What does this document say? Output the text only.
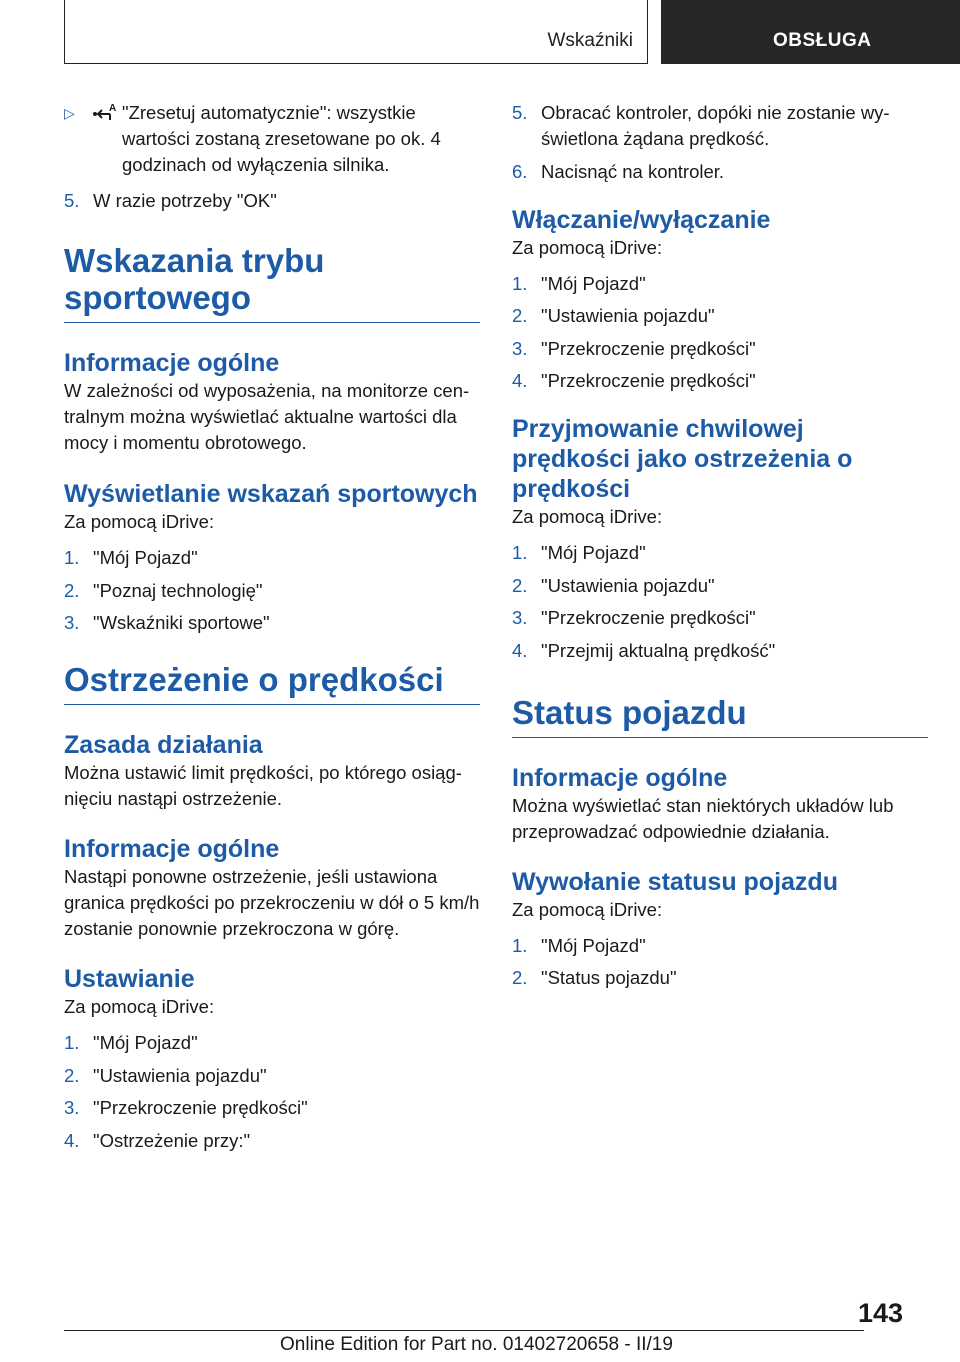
Wskaźniki	OBSŁUGA
▷	A "Zresetuj automatycznie": wszystkie wartości zostaną zresetowane po ok. 4 godzinach od wyłączenia silnika.
5. W razie potrzeby "OK"
Wskazania trybu sportowego
Informacje ogólne

W zależności od wyposażenia, na monitorze cen-tralnym można wyświetlać aktualne wartości dla mocy i momentu obrotowego.

Wyświetlanie wskazań sportowych

Za pomocą iDrive:

1. "Mój Pojazd"
2. "Poznaj technologię"
3. "Wskaźniki sportowe"
Ostrzeżenie o prędkości
Zasada działania

Można ustawić limit prędkości, po którego osiąg-nięciu nastąpi ostrzeżenie.

Informacje ogólne

Nastąpi ponowne ostrzeżenie, jeśli ustawiona granica prędkości po przekroczeniu w dół o 5 km/h zostanie ponownie przekroczona w górę.

Ustawianie

Za pomocą iDrive:

1. "Mój Pojazd"
2. "Ustawienia pojazdu"
3. "Przekroczenie prędkości"
4. "Ostrzeżenie przy:"
5. Obracać kontroler, dopóki nie zostanie wy-świetlona żądana prędkość.
6. Nacisnąć na kontroler.
Włączanie/wyłączanie

Za pomocą iDrive:

1. "Mój Pojazd"
2. "Ustawienia pojazdu"
3. "Przekroczenie prędkości"
4. "Przekroczenie prędkości"
Przyjmowanie chwilowej prędkości jako ostrzeżenia o prędkości

Za pomocą iDrive:

1. "Mój Pojazd"
2. "Ustawienia pojazdu"
3. "Przekroczenie prędkości"
4. "Przejmij aktualną prędkość"
Status pojazdu
Informacje ogólne

Można wyświetlać stan niektórych układów lub przeprowadzać odpowiednie działania.

Wywołanie statusu pojazdu

Za pomocą iDrive:

1. "Mój Pojazd"
2. "Status pojazdu"
143
Online Edition for Part no. 01402720658 - II/19
